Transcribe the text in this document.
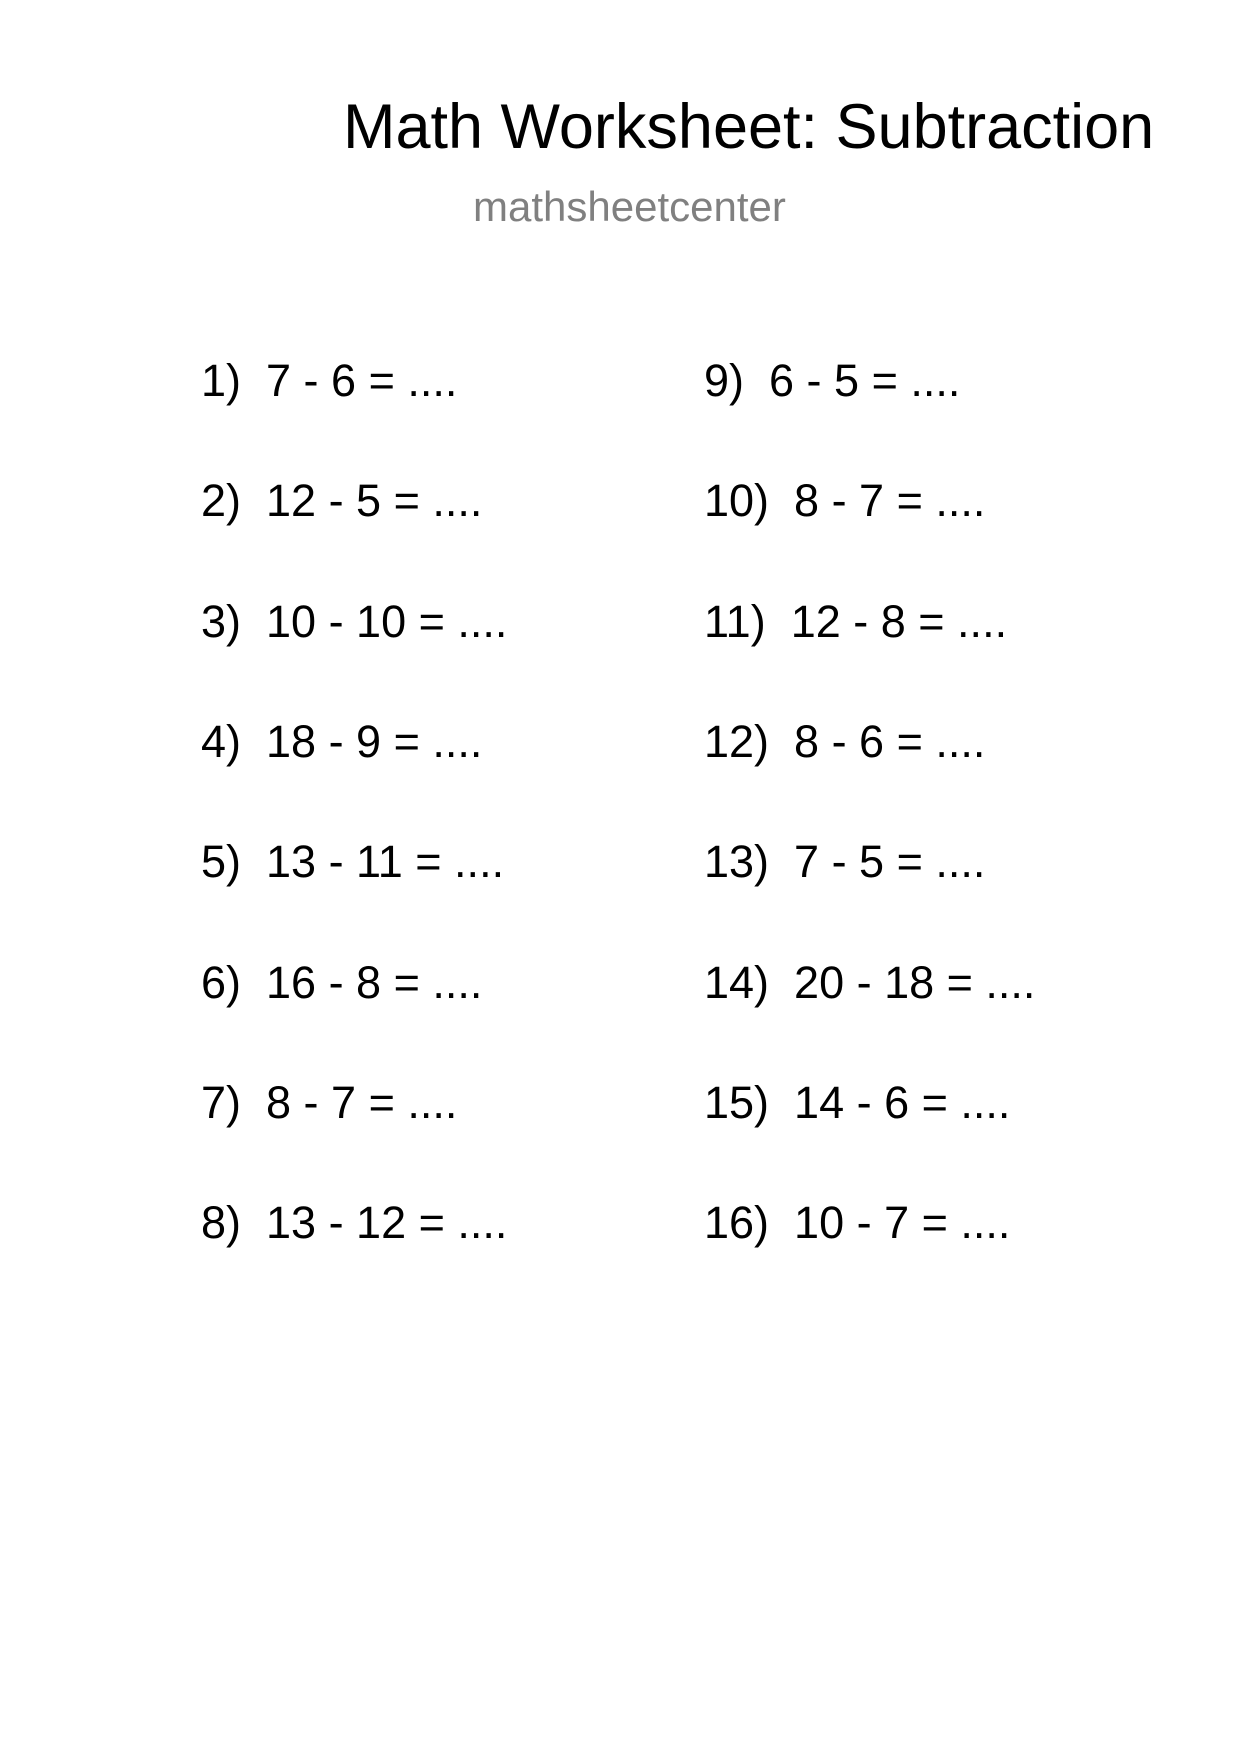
Math Worksheet: Subtraction
mathsheetcenter
1)  7 - 6 = ....
2)  12 - 5 = ....
3)  10 - 10 = ....
4)  18 - 9 = ....
5)  13 - 11 = ....
6)  16 - 8 = ....
7)  8 - 7 = ....
8)  13 - 12 = ....
9)  6 - 5 = ....
10)  8 - 7 = ....
11)  12 - 8 = ....
12)  8 - 6 = ....
13)  7 - 5 = ....
14)  20 - 18 = ....
15)  14 - 6 = ....
16)  10 - 7 = ....
